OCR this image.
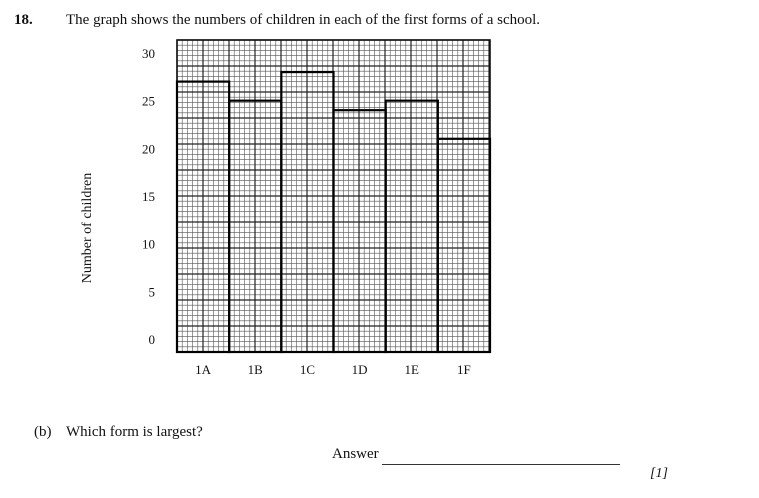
18. The graph shows the numbers of children in each of the first forms of a school.
Number of children
0
5
10
15
20
25
30
1A	1B	1C	1D	1E	1F
(b) Which form is largest?
Answer
[1]
